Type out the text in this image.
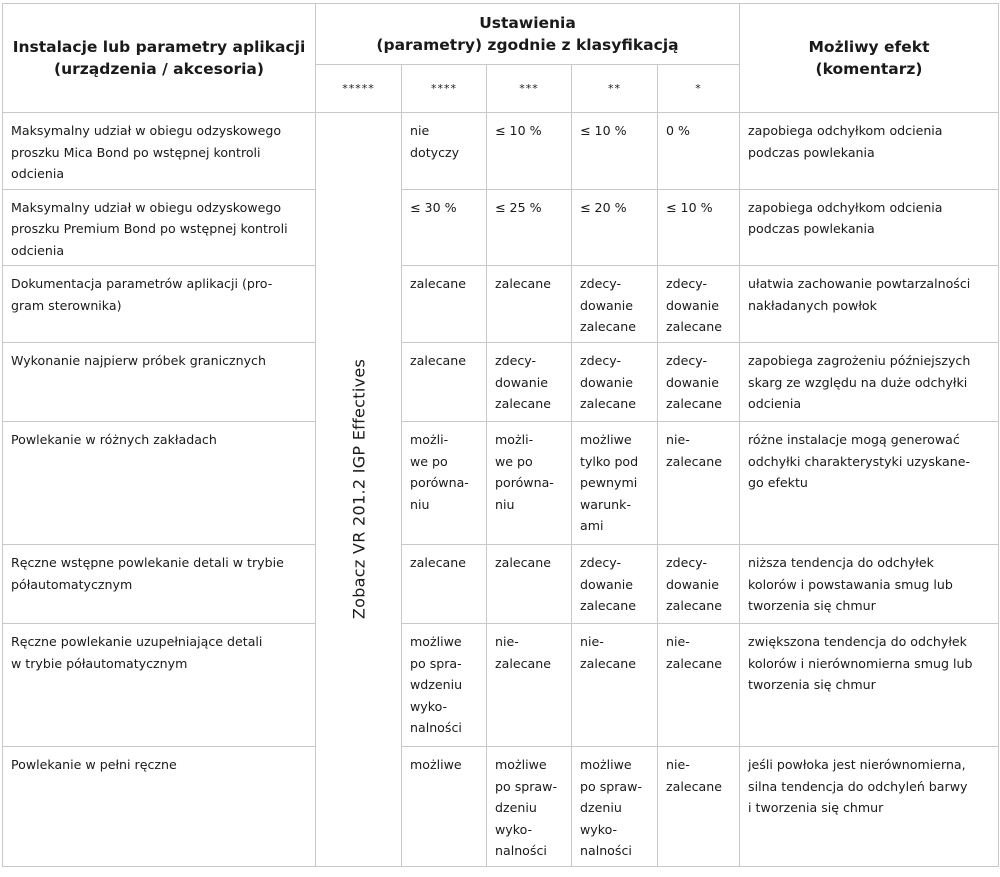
Instalacje lub parametry aplikacji (urządzenia / akcesoria)	Ustawienia
(parametry) zgodnie z klasyfikacją					Możliwy efekt
(komentarz)

	*****	****	***	**	*	

Maksymalny udział w obiegu odzyskowego
proszku Mica Bond po wstępnej kontroli
odcienia	Zobacz VR 201.2 IGP Effectives	nie
dotyczy	≤ 10 %	≤ 10 %	0 %	zapobiega odchyłkom odcienia
podczas powlekania

Maksymalny udział w obiegu odzyskowego
proszku Premium Bond po wstępnej kontroli
odcienia		≤ 30 %	≤ 25 %	≤ 20 %	≤ 10 %	zapobiega odchyłkom odcienia
podczas powlekania

Dokumentacja parametrów aplikacji (pro-
gram sterownika)		zalecane	zalecane	zdecy-
dowanie
zalecane	zdecy-
dowanie
zalecane	ułatwia zachowanie powtarzalności
nakładanych powłok

Wykonanie najpierw próbek granicznych		zalecane	zdecy-
dowanie
zalecane	zdecy-
dowanie
zalecane	zdecy-
dowanie
zalecane	zapobiega zagrożeniu późniejszych
skarg ze względu na duże odchyłki
odcienia

Powlekanie w różnych zakładach		możli-
we po
porówna-
niu	możli-
we po
porówna-
niu	możliwe
tylko pod
pewnymi
warunk-
ami	nie-
zalecane	różne instalacje mogą generować
odchyłki charakterystyki uzyskane-
go efektu

Ręczne wstępne powlekanie detali w trybie
półautomatycznym		zalecane	zalecane	zdecy-
dowanie
zalecane	zdecy-
dowanie
zalecane	niższa tendencja do odchyłek
kolorów i powstawania smug lub
tworzenia się chmur

Ręczne powlekanie uzupełniające detali
w trybie półautomatycznym		możliwe
po spra-
wdzeniu
wyko-
nalności	nie-
zalecane	nie-
zalecane	nie-
zalecane	zwiększona tendencja do odchyłek
kolorów i nierównomierna smug lub
tworzenia się chmur

Powlekanie w pełni ręczne		możliwe	możliwe
po spraw-
dzeniu
wyko-
nalności	możliwe
po spraw-
dzeniu
wyko-
nalności	nie-
zalecane	jeśli powłoka jest nierównomierna,
silna tendencja do odchyleń barwy
i tworzenia się chmur
